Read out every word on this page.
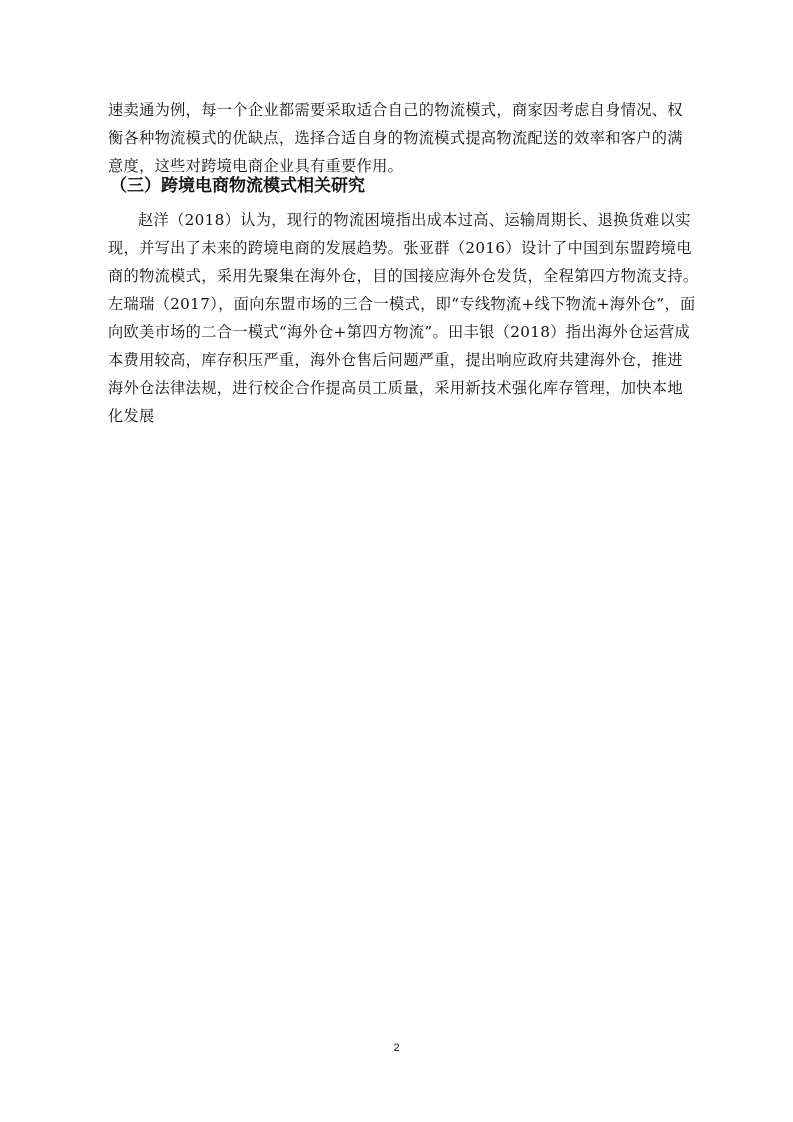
速卖通为例，每一个企业都需要采取适合自己的物流模式，商家因考虑自身情况、权
衡各种物流模式的优缺点，选择合适自身的物流模式提高物流配送的效率和客户的满
意度，这些对跨境电商企业具有重要作用。
（三）跨境电商物流模式相关研究
赵洋（2018）认为，现行的物流困境指出成本过高、运输周期长、退换货难以实
现，并写出了未来的跨境电商的发展趋势。张亚群（2016）设计了中国到东盟跨境电
商的物流模式，采用先聚集在海外仓，目的国接应海外仓发货，全程第四方物流支持。
左瑞瑞（2017），面向东盟市场的三合一模式，即“专线物流+线下物流+海外仓”，面
向欧美市场的二合一模式“海外仓+第四方物流”。田丰银（2018）指出海外仓运营成
本费用较高，库存积压严重，海外仓售后问题严重，提出响应政府共建海外仓，推进
海外仓法律法规，进行校企合作提高员工质量，采用新技术强化库存管理，加快本地
化发展
2
